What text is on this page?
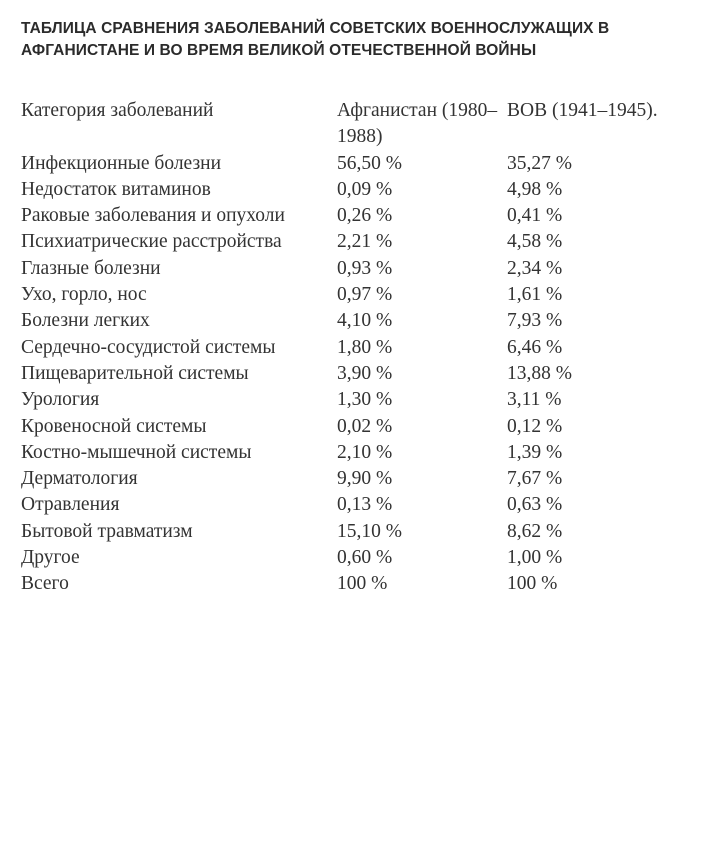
ТАБЛИЦА СРАВНЕНИЯ ЗАБОЛЕВАНИЙ СОВЕТСКИХ ВОЕННОСЛУЖАЩИХ В АФГАНИСТАНЕ И ВО ВРЕМЯ ВЕЛИКОЙ ОТЕЧЕСТВЕННОЙ ВОЙНЫ
Категория заболеваний	Афганистан (1980–1988)	ВОВ (1941–1945).
Инфекционные болезни	56,50 %	35,27 %
Недостаток витаминов	0,09 %	4,98 %
Раковые заболевания и опухоли	0,26 %	0,41 %
Психиатрические расстройства	2,21 %	4,58 %
Глазные болезни	0,93 %	2,34 %
Ухо, горло, нос	0,97 %	1,61 %
Болезни легких	4,10 %	7,93 %
Сердечно-сосудистой системы	1,80 %	6,46 %
Пищеварительной системы	3,90 %	13,88 %
Урология	1,30 %	3,11 %
Кровеносной системы	0,02 %	0,12 %
Костно-мышечной системы	2,10 %	1,39 %
Дерматология	9,90 %	7,67 %
Отравления	0,13 %	0,63 %
Бытовой травматизм	15,10 %	8,62 %
Другое	0,60 %	1,00 %
Всего	100 %	100 %
